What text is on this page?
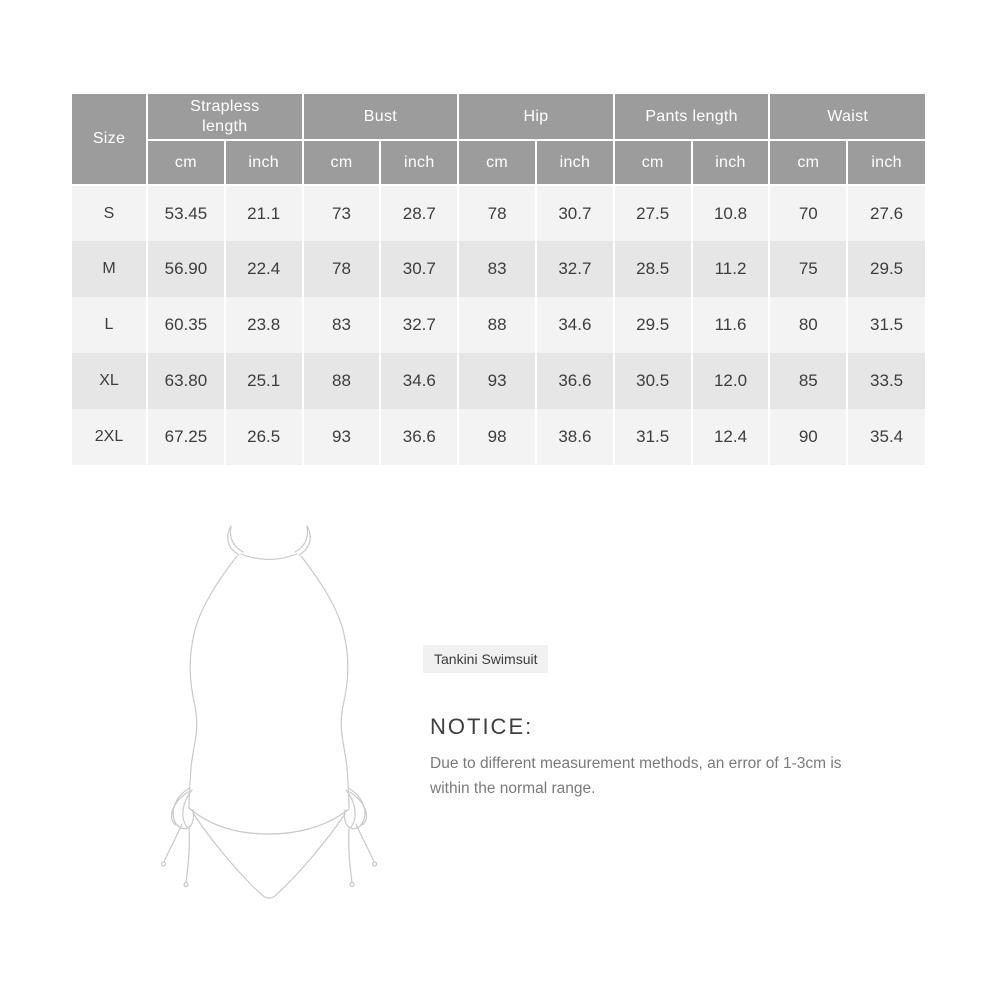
Size	Strapless length		Bust		Hip		Pants length		Waist	
	cm	inch	cm	inch	cm	inch	cm	inch	cm	inch
S	53.45	21.1	73	28.7	78	30.7	27.5	10.8	70	27.6
M	56.90	22.4	78	30.7	83	32.7	28.5	11.2	75	29.5
L	60.35	23.8	83	32.7	88	34.6	29.5	11.6	80	31.5
XL	63.80	25.1	88	34.6	93	36.6	30.5	12.0	85	33.5
2XL	67.25	26.5	93	36.6	98	38.6	31.5	12.4	90	35.4
Tankini Swimsuit
NOTICE:
Due to different measurement methods, an error of 1-3cm is within the normal range.
